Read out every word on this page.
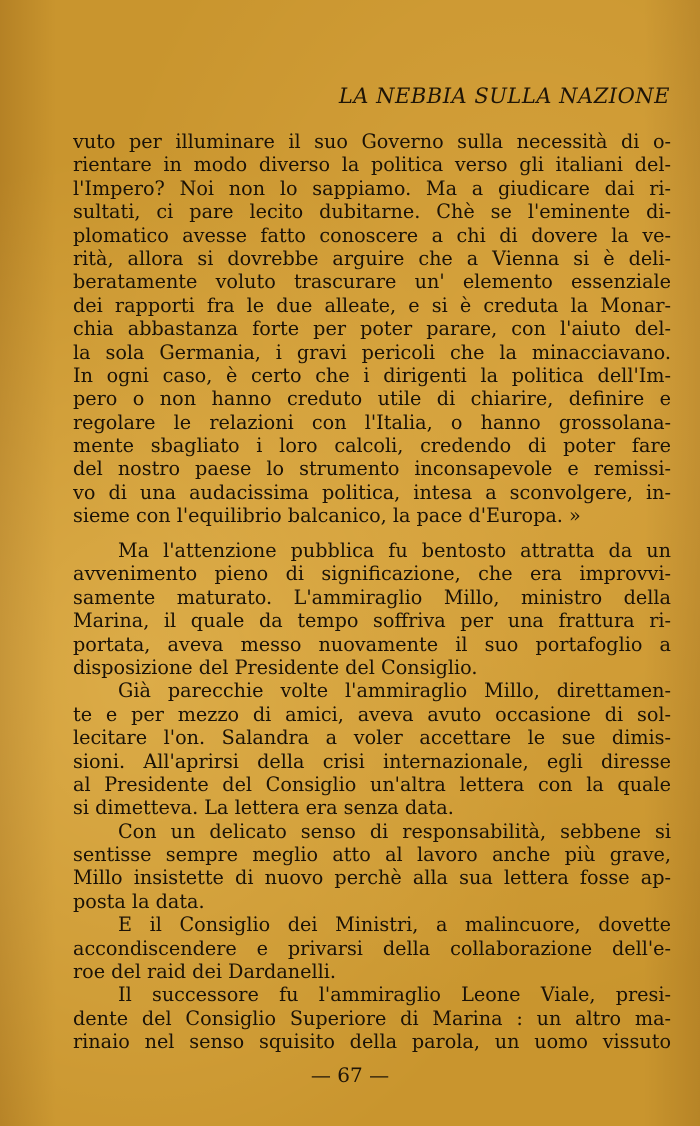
LA NEBBIA SULLA NAZIONE
vuto per illuminare il suo Governo sulla necessità di o-
rientare in modo diverso la politica verso gli italiani del-
l'Impero? Noi non lo sappiamo. Ma a giudicare dai ri-
sultati, ci pare lecito dubitarne. Chè se l'eminente di-
plomatico avesse fatto conoscere a chi di dovere la ve-
rità, allora si dovrebbe arguire che a Vienna si è deli-
beratamente voluto trascurare un' elemento essenziale
dei rapporti fra le due alleate, e si è creduta la Monar-
chia abbastanza forte per poter parare, con l'aiuto del-
la sola Germania, i gravi pericoli che la minacciavano.
In ogni caso, è certo che i dirigenti la politica dell'Im-
pero o non hanno creduto utile di chiarire, definire e
regolare le relazioni con l'Italia, o hanno grossolana-
mente sbagliato i loro calcoli, credendo di poter fare
del nostro paese lo strumento inconsapevole e remissi-
vo di una audacissima politica, intesa a sconvolgere, in-
sieme con l'equilibrio balcanico, la pace d'Europa. »
Ma l'attenzione pubblica fu bentosto attratta da un
avvenimento pieno di significazione, che era improvvi-
samente maturato. L'ammiraglio Millo, ministro della
Marina, il quale da tempo soffriva per una frattura ri-
portata, aveva messo nuovamente il suo portafoglio a
disposizione del Presidente del Consiglio.
Già parecchie volte l'ammiraglio Millo, direttamen-
te e per mezzo di amici, aveva avuto occasione di sol-
lecitare l'on. Salandra a voler accettare le sue dimis-
sioni. All'aprirsi della crisi internazionale, egli diresse
al Presidente del Consiglio un'altra lettera con la quale
si dimetteva. La lettera era senza data.
Con un delicato senso di responsabilità, sebbene si
sentisse sempre meglio atto al lavoro anche più grave,
Millo insistette di nuovo perchè alla sua lettera fosse ap-
posta la data.
E il Consiglio dei Ministri, a malincuore, dovette
accondiscendere e privarsi della collaborazione dell'e-
roe del raid dei Dardanelli.
Il successore fu l'ammiraglio Leone Viale, presi-
dente del Consiglio Superiore di Marina : un altro ma-
rinaio nel senso squisito della parola, un uomo vissuto
— 67 —
